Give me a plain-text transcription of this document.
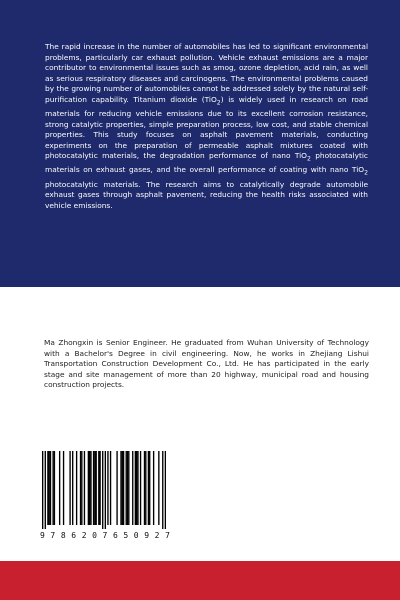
The rapid increase in the number of automobiles has led to significant environmental problems, particularly car exhaust pollution. Vehicle exhaust emissions are a major contributor to environmental issues such as smog, ozone depletion, acid rain, as well as serious respiratory diseases and carcinogens. The environmental problems caused by the growing number of automobiles cannot be addressed solely by the natural self-purification capability. Titanium dioxide (TiO$_2$) is widely used in research on road materials for reducing vehicle emissions due to its excellent corrosion resistance, strong catalytic properties, simple preparation process, low cost, and stable chemical properties. This study focuses on asphalt pavement materials, conducting experiments on the preparation of permeable asphalt mixtures coated with photocatalytic materials, the degradation performance of nano TiO$_2$ photocatalytic materials on exhaust gases, and the overall performance of coating with nano TiO$_2$ photocatalytic materials. The research aims to catalytically degrade automobile exhaust gases through asphalt pavement, reducing the health risks associated with vehicle emissions.

Ma Zhongxin is Senior Engineer. He graduated from Wuhan University of Technology with a Bachelor's Degree in civil engineering. Now, he works in Zhejiang Lishui Transportation Construction Development Co., Ltd. He has participated in the early stage and site management of more than 20 highway, municipal road and housing construction projects.

9 7 8 6 2 0 7 6 5 0 9 2 7
